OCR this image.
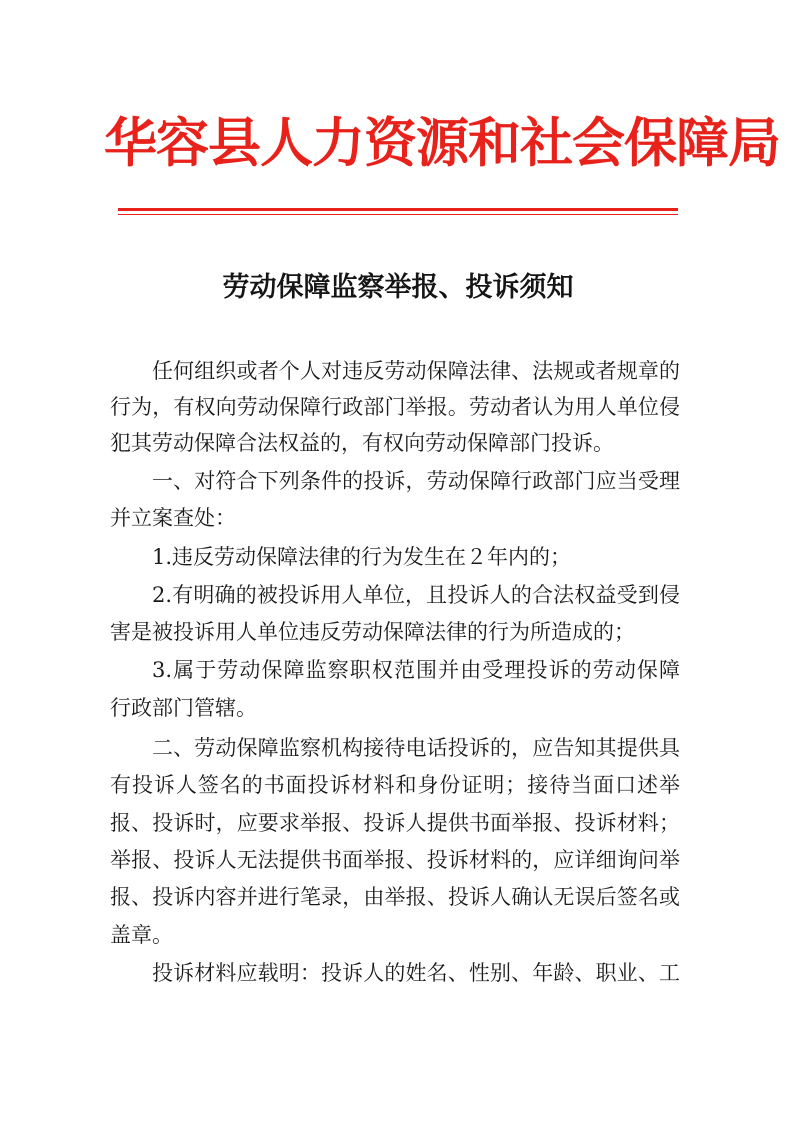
华容县人力资源和社会保障局
劳动保障监察举报、投诉须知
任何组织或者个人对违反劳动保障法律、法规或者规章的
行为，有权向劳动保障行政部门举报。劳动者认为用人单位侵
犯其劳动保障合法权益的，有权向劳动保障部门投诉。
一、对符合下列条件的投诉，劳动保障行政部门应当受理
并立案查处：
1.违反劳动保障法律的行为发生在２年内的；
2.有明确的被投诉用人单位，且投诉人的合法权益受到侵
害是被投诉用人单位违反劳动保障法律的行为所造成的；
3.属于劳动保障监察职权范围并由受理投诉的劳动保障
行政部门管辖。
二、劳动保障监察机构接待电话投诉的，应告知其提供具
有投诉人签名的书面投诉材料和身份证明；接待当面口述举
报、投诉时，应要求举报、投诉人提供书面举报、投诉材料；
举报、投诉人无法提供书面举报、投诉材料的，应详细询问举
报、投诉内容并进行笔录，由举报、投诉人确认无误后签名或
盖章。
投诉材料应载明：投诉人的姓名、性别、年龄、职业、工
